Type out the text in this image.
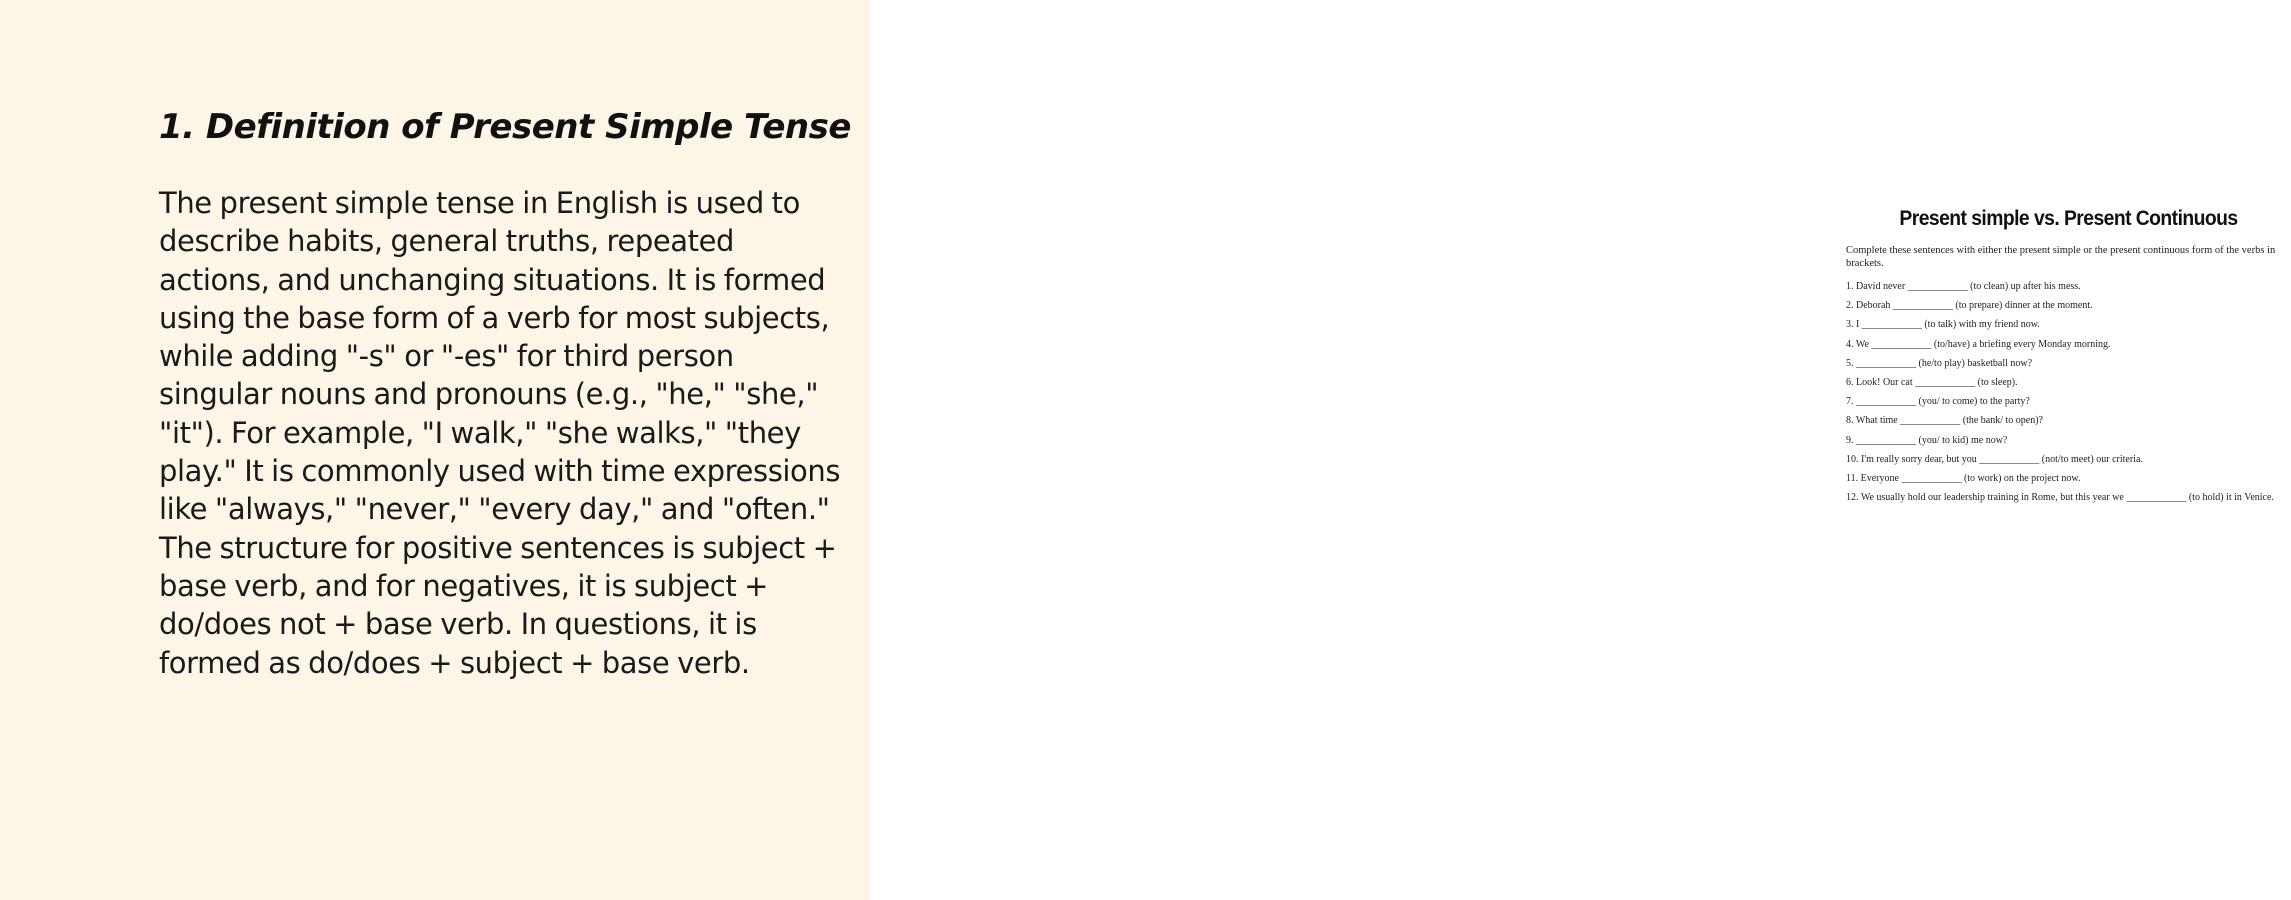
1. Definition of Present Simple Tense

The present simple tense in English is used to describe habits, general truths, repeated actions, and unchanging situations. It is formed using the base form of a verb for most subjects, while adding "-s" or "-es" for third person singular nouns and pronouns (e.g., "he," "she," "it"). For example, "I walk," "she walks," "they play." It is commonly used with time expressions like "always," "never," "every day," and "often." The structure for positive sentences is subject + base verb, and for negatives, it is subject + do/does not + base verb. In questions, it is formed as do/does + subject + base verb.

Present simple vs. Present Continuous
Complete these sentences with either the present simple or the present continuous form of the verbs in brackets.
1. David never ____________ (to clean) up after his mess.
2. Deborah ____________ (to prepare) dinner at the moment.
3. I ____________ (to talk) with my friend now.
4. We ____________ (to/have) a briefing every Monday morning.
5. ____________ (he/to play) basketball now?
6. Look! Our cat ____________ (to sleep).
7. ____________ (you/ to come) to the party?
8. What time ____________ (the bank/ to open)?
9. ____________ (you/ to kid) me now?
10. I'm really sorry dear, but you ____________ (not/to meet) our criteria.
11. Everyone ____________ (to work) on the project now.
12. We usually hold our leadership training in Rome, but this year we ____________ (to hold) it in Venice.
